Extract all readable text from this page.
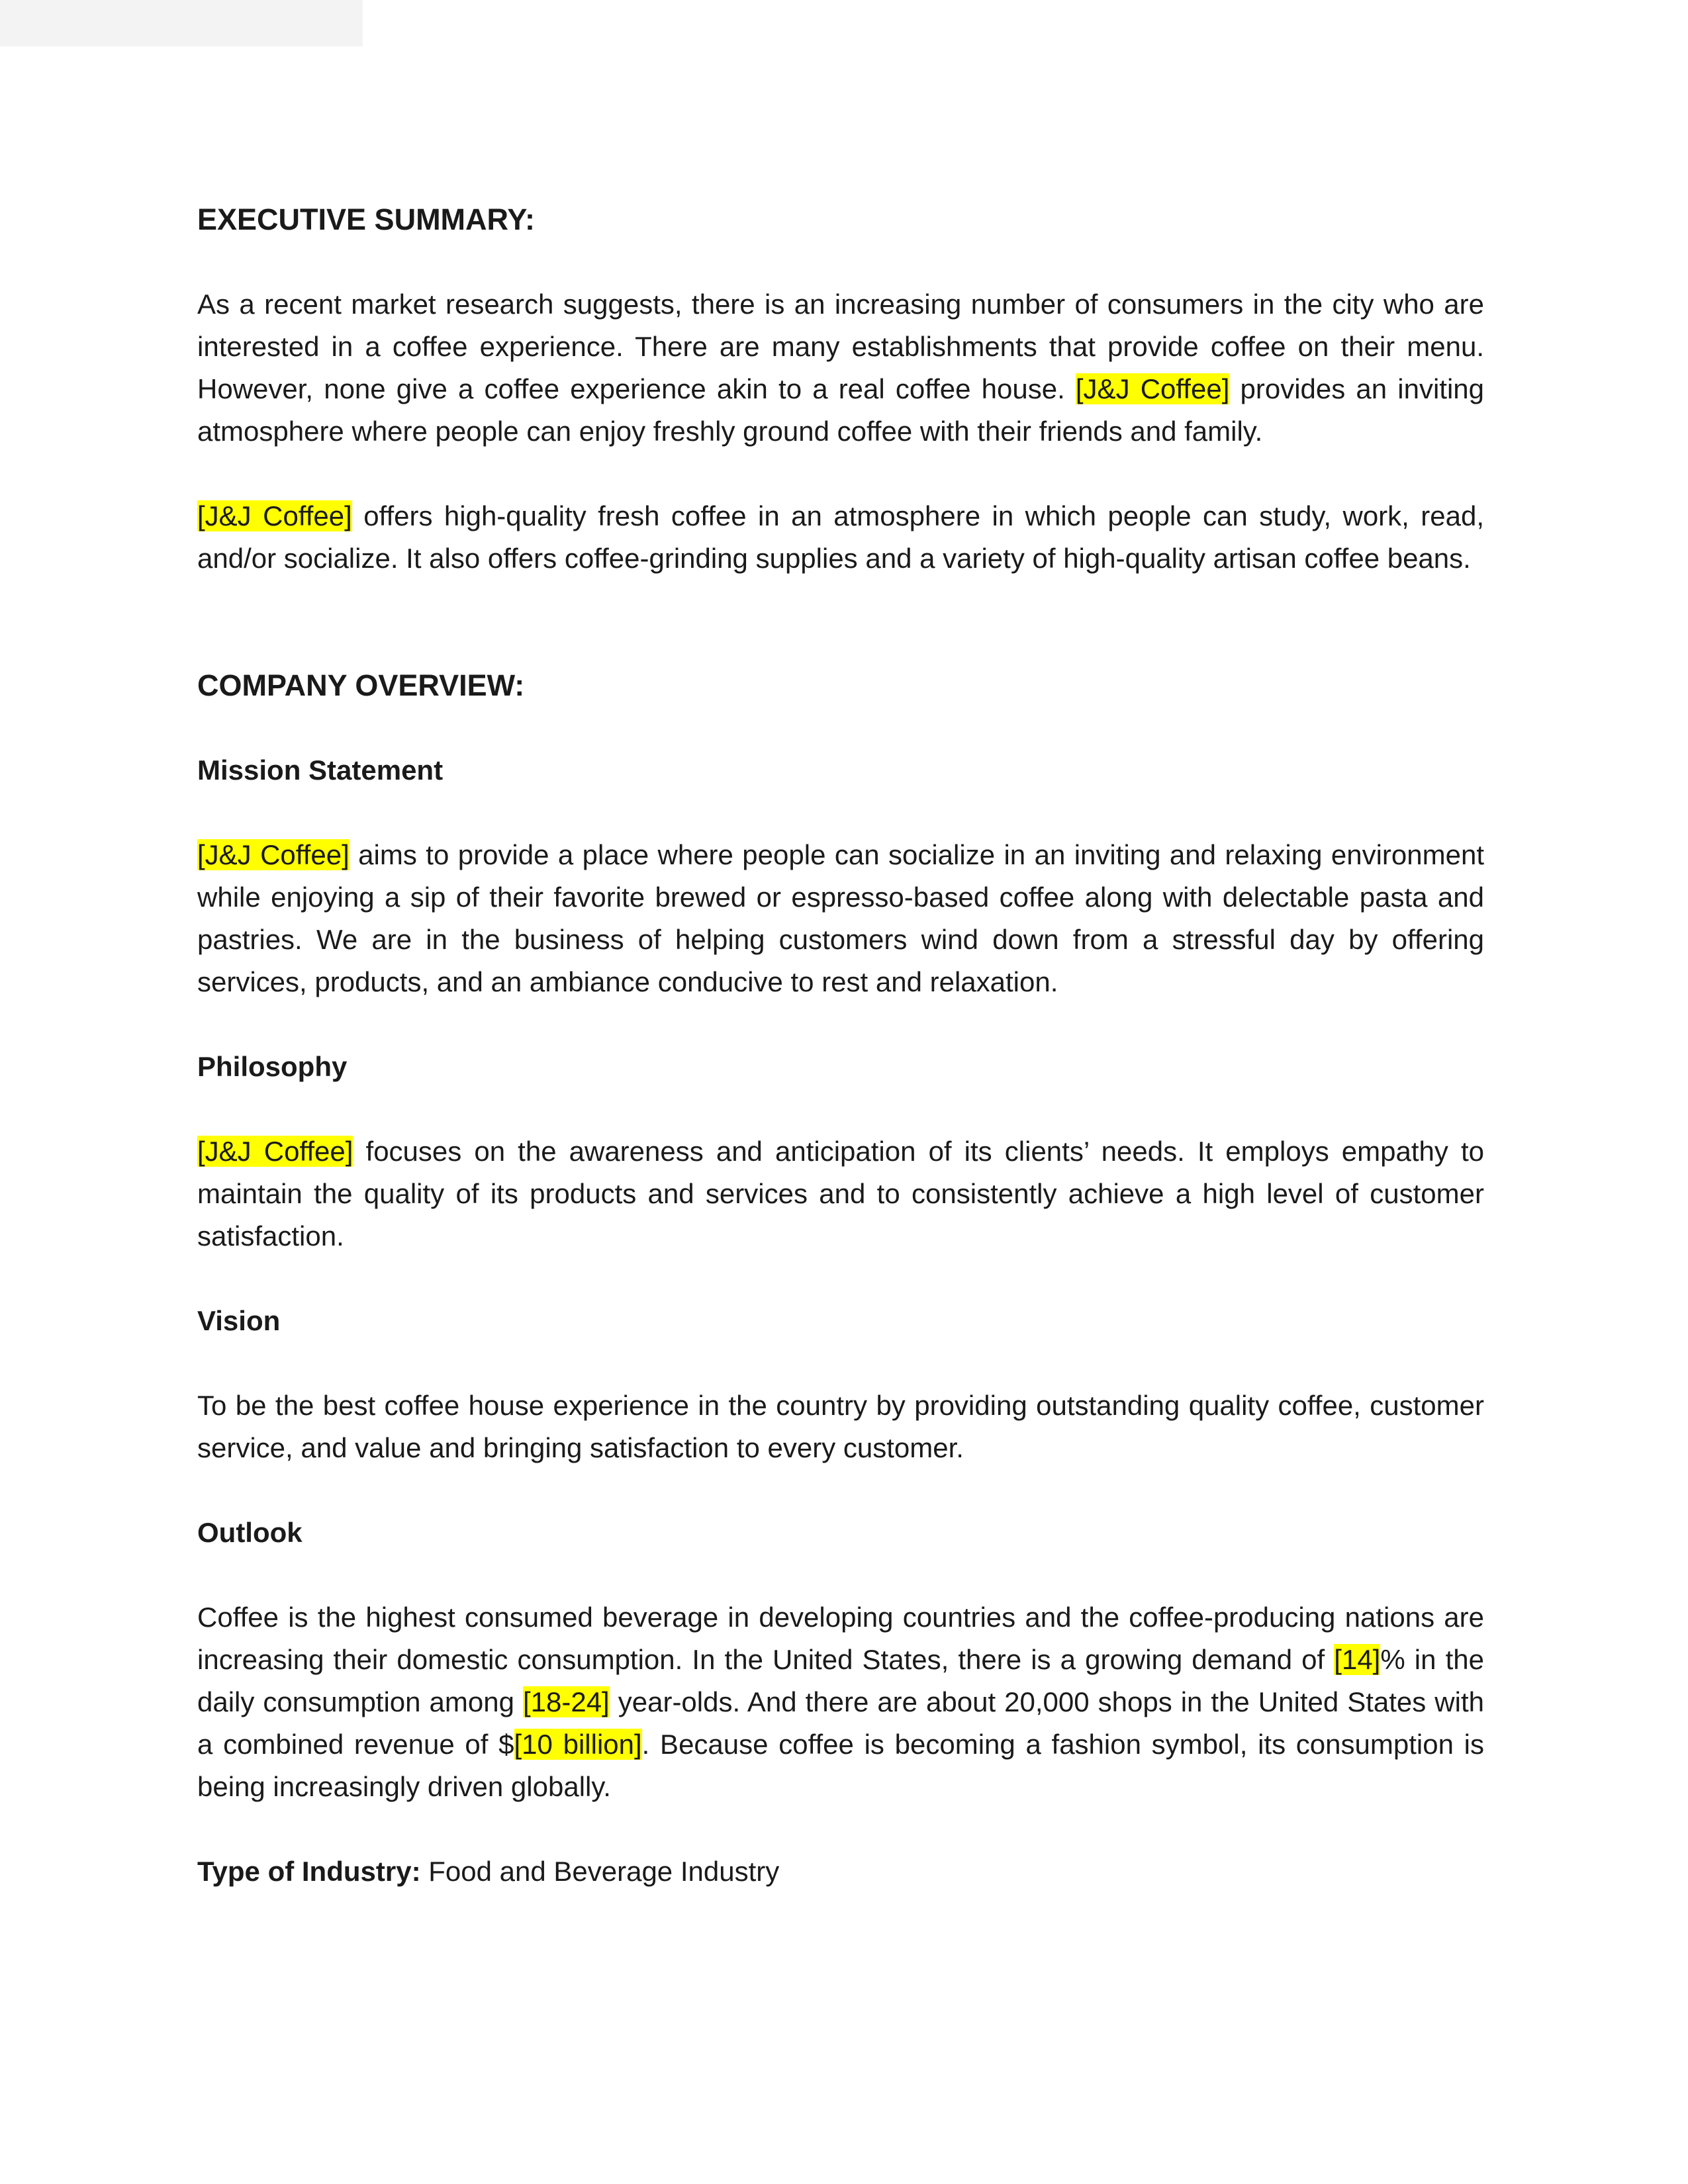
EXECUTIVE SUMMARY:

As a recent market research suggests, there is an increasing number of consumers in the city who are interested in a coffee experience. There are many establishments that provide coffee on their menu. However, none give a coffee experience akin to a real coffee house. [J&J Coffee] provides an inviting atmosphere where people can enjoy freshly ground coffee with their friends and family.

[J&J Coffee] offers high-quality fresh coffee in an atmosphere in which people can study, work, read, and/or socialize. It also offers coffee-grinding supplies and a variety of high-quality artisan coffee beans.

COMPANY OVERVIEW:
Mission Statement

[J&J Coffee] aims to provide a place where people can socialize in an inviting and relaxing environment while enjoying a sip of their favorite brewed or espresso-based coffee along with delectable pasta and pastries. We are in the business of helping customers wind down from a stressful day by offering services, products, and an ambiance conducive to rest and relaxation.

Philosophy

[J&J Coffee] focuses on the awareness and anticipation of its clients’ needs. It employs empathy to maintain the quality of its products and services and to consistently achieve a high level of customer satisfaction.

Vision

To be the best coffee house experience in the country by providing outstanding quality coffee, customer service, and value and bringing satisfaction to every customer.

Outlook

Coffee is the highest consumed beverage in developing countries and the coffee-producing nations are increasing their domestic consumption. In the United States, there is a growing demand of [14]% in the daily consumption among [18-24] year-olds. And there are about 20,000 shops in the United States with a combined revenue of $[10 billion]. Because coffee is becoming a fashion symbol, its consumption is being increasingly driven globally.

Type of Industry: Food and Beverage Industry
